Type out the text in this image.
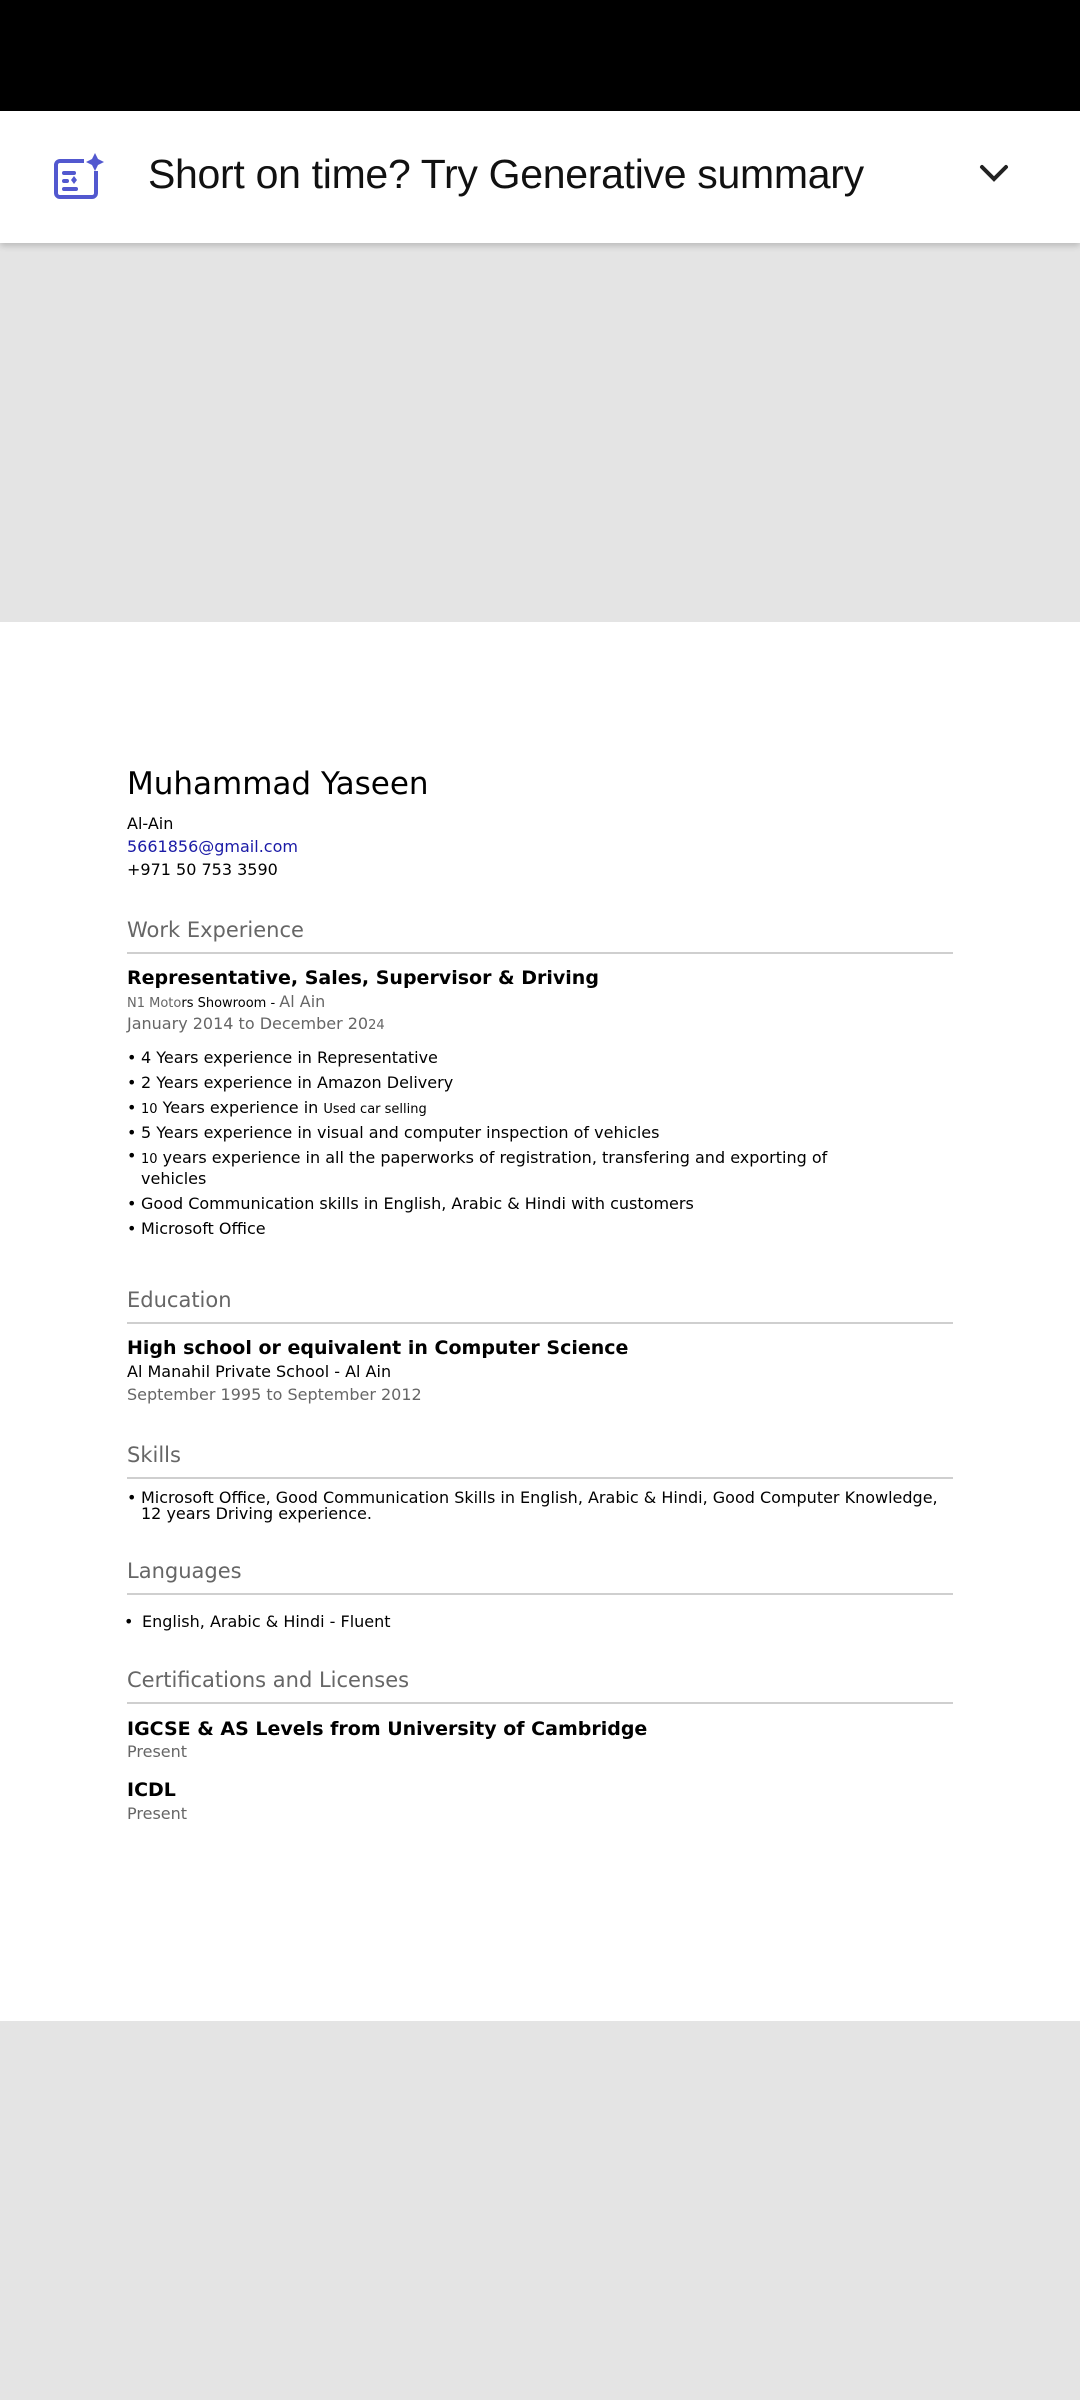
Short on time? Try Generative summary
Muhammad Yaseen
Al-Ain
5661856@gmail.com
+971 50 753 3590
Work Experience
Representative, Sales, Supervisor & Driving
N1 Motors Showroom - Al Ain
January 2014 to December 2024
• 4 Years experience in Representative
• 2 Years experience in Amazon Delivery
• 10 Years experience in Used car selling
• 5 Years experience in visual and computer inspection of vehicles
• 10 years experience in all the paperworks of registration, transfering and exporting of vehicles
• Good Communication skills in English, Arabic & Hindi with customers
• Microsoft Office
Education
High school or equivalent in Computer Science
Al Manahil Private School - Al Ain
September 1995 to September 2012
Skills
• Microsoft Office, Good Communication Skills in English, Arabic & Hindi, Good Computer Knowledge, 12 years Driving experience.
Languages
• English, Arabic & Hindi - Fluent
Certifications and Licenses
IGCSE & AS Levels from University of Cambridge
Present
ICDL
Present
